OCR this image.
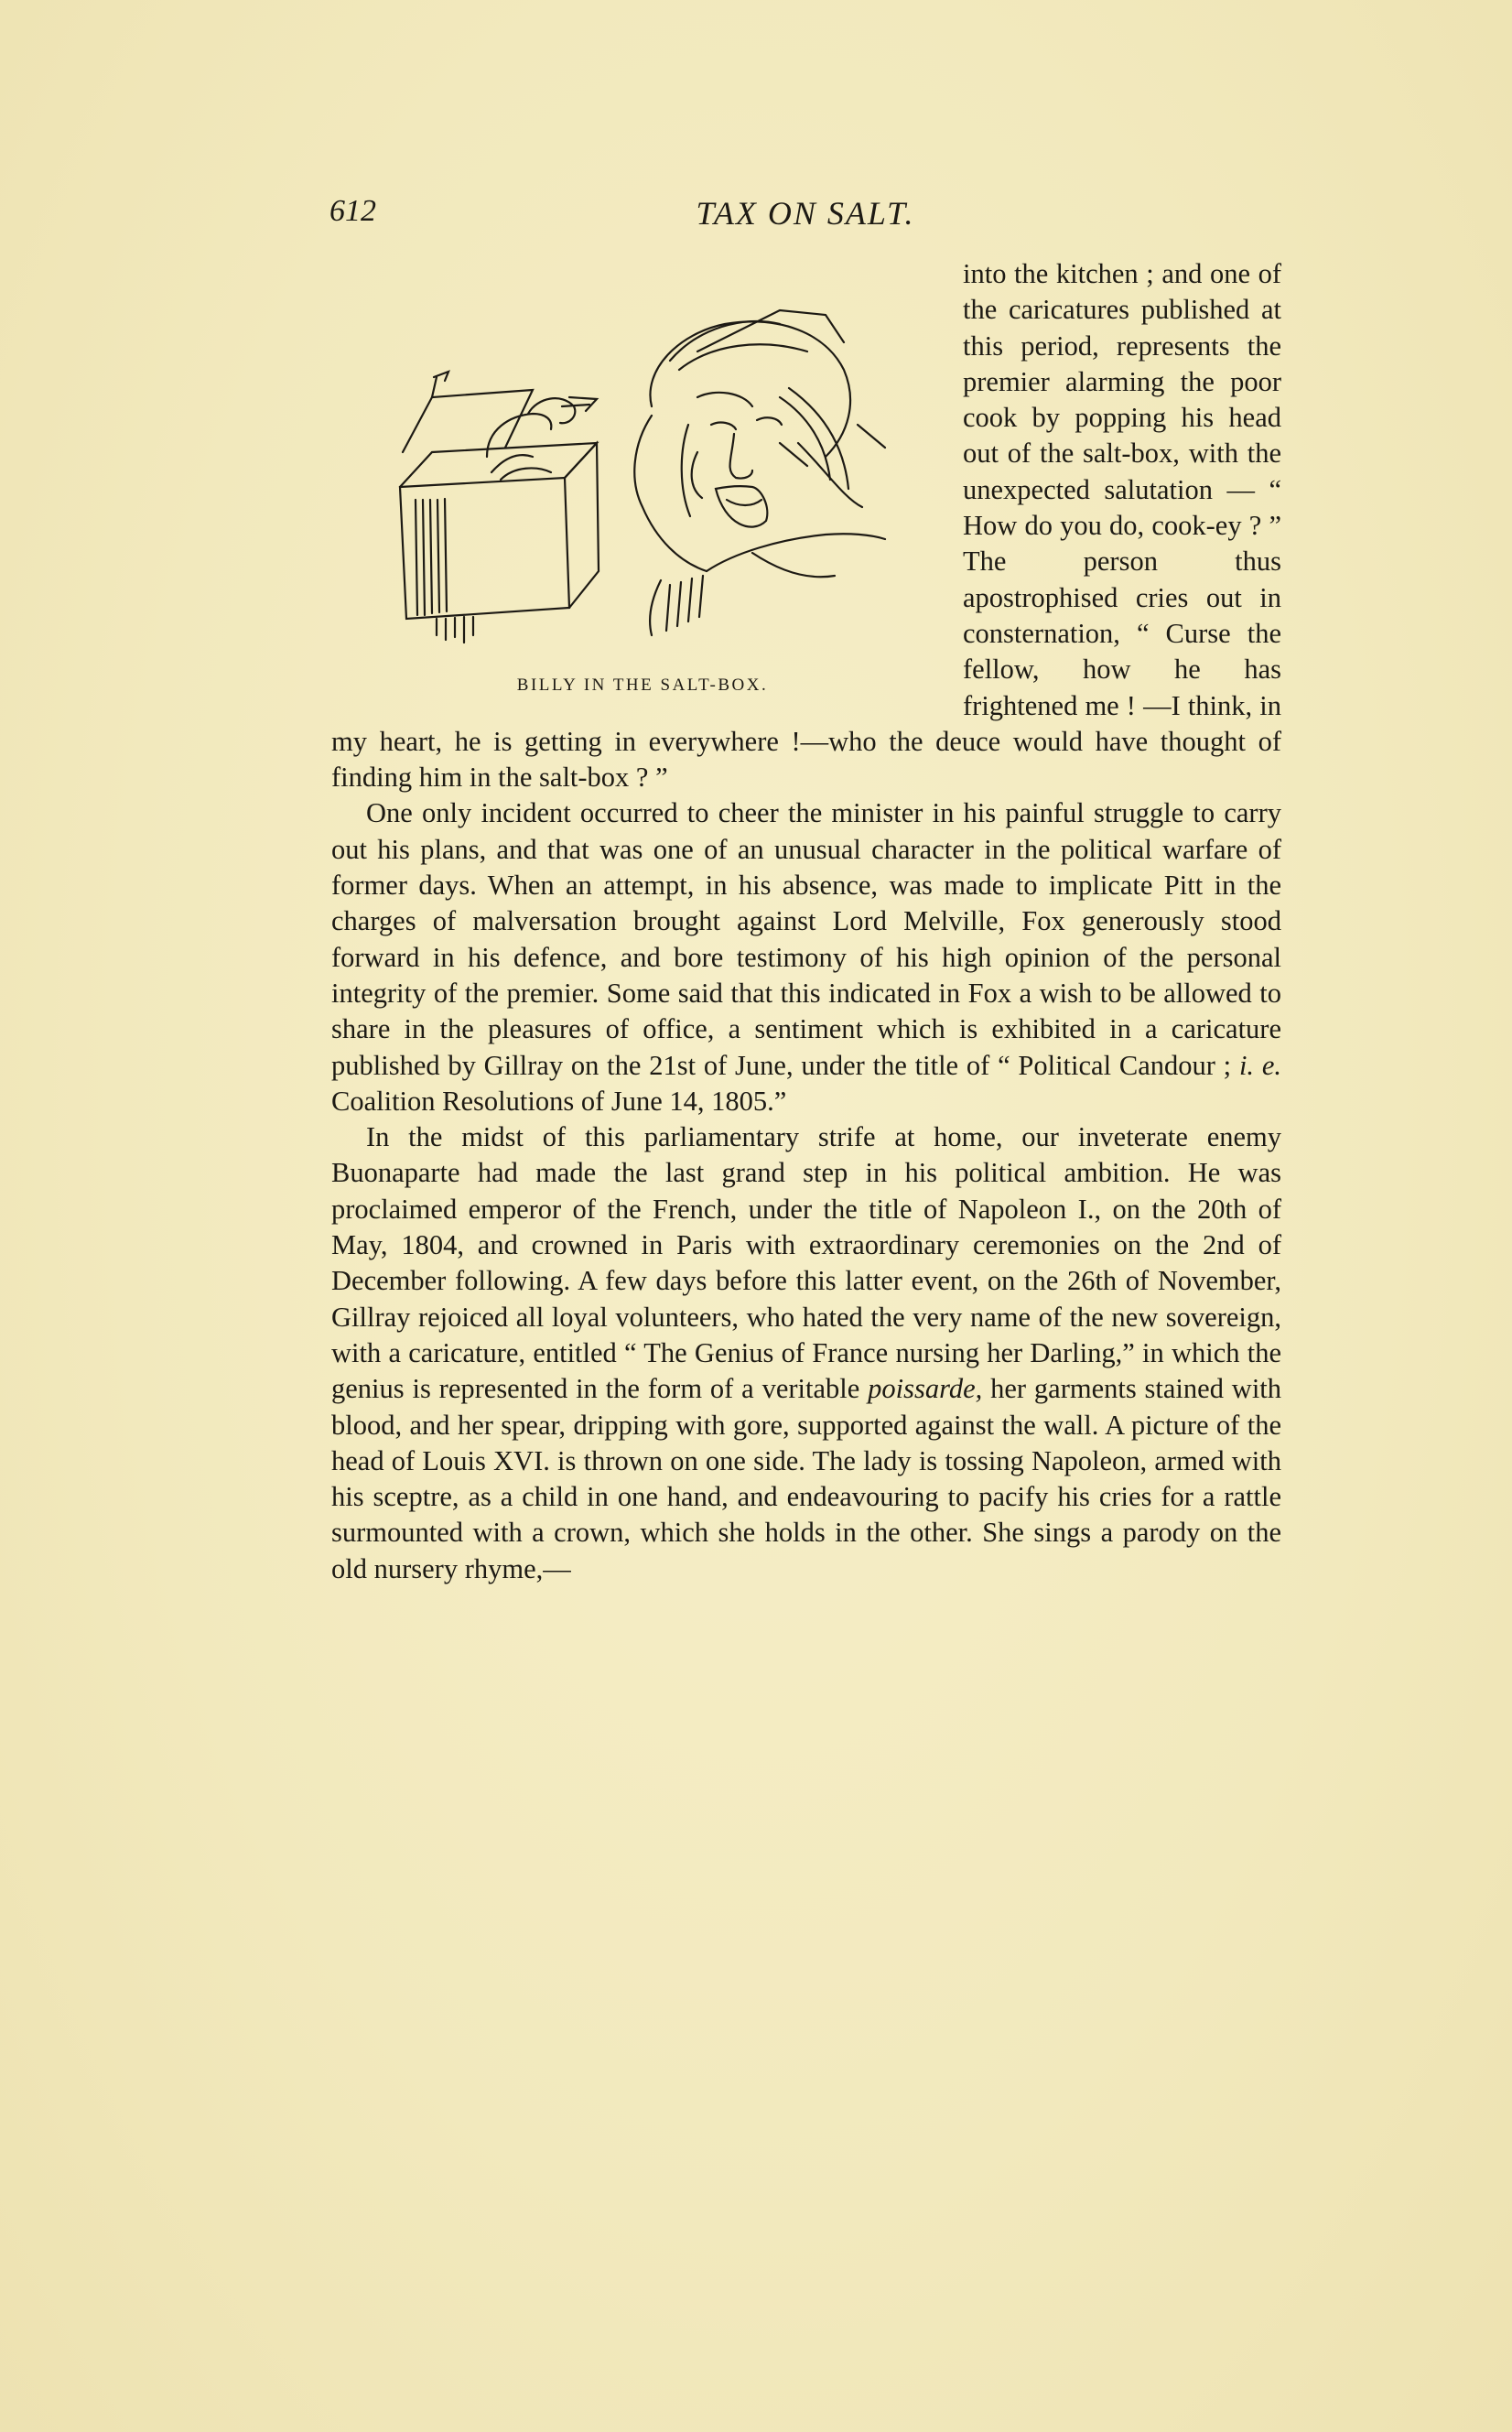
612	TAX ON SALT.
BILLY IN THE SALT-BOX.

into the kitchen ; and one of the caricatures published at this period, represents the premier alarming the poor cook by popping his head out of the salt-box, with the unexpected salutation — “ How do you do, cook-ey ? ” The person thus apostrophised cries out in consternation, “ Curse the fellow, how he has frightened me ! —I think, in my heart, he is getting in everywhere !—who the deuce would have thought of finding him in the salt-box ? ”

One only incident occurred to cheer the minister in his painful struggle to carry out his plans, and that was one of an unusual character in the political warfare of former days. When an attempt, in his absence, was made to implicate Pitt in the charges of malversation brought against Lord Melville, Fox generously stood forward in his defence, and bore testimony of his high opinion of the personal integrity of the premier. Some said that this indicated in Fox a wish to be allowed to share in the pleasures of office, a sentiment which is exhibited in a caricature published by Gillray on the 21st of June, under the title of “ Political Candour ; i. e. Coalition Resolutions of June 14, 1805.”

In the midst of this parliamentary strife at home, our inveterate enemy Buonaparte had made the last grand step in his political ambition. He was proclaimed emperor of the French, under the title of Napoleon I., on the 20th of May, 1804, and crowned in Paris with extraordinary ceremonies on the 2nd of December following. A few days before this latter event, on the 26th of November, Gillray rejoiced all loyal volunteers, who hated the very name of the new sovereign, with a caricature, entitled “ The Genius of France nursing her Darling,” in which the genius is represented in the form of a veritable poissarde, her garments stained with blood, and her spear, dripping with gore, supported against the wall. A picture of the head of Louis XVI. is thrown on one side. The lady is tossing Napoleon, armed with his sceptre, as a child in one hand, and endeavouring to pacify his cries for a rattle surmounted with a crown, which she holds in the other. She sings a parody on the old nursery rhyme,—
